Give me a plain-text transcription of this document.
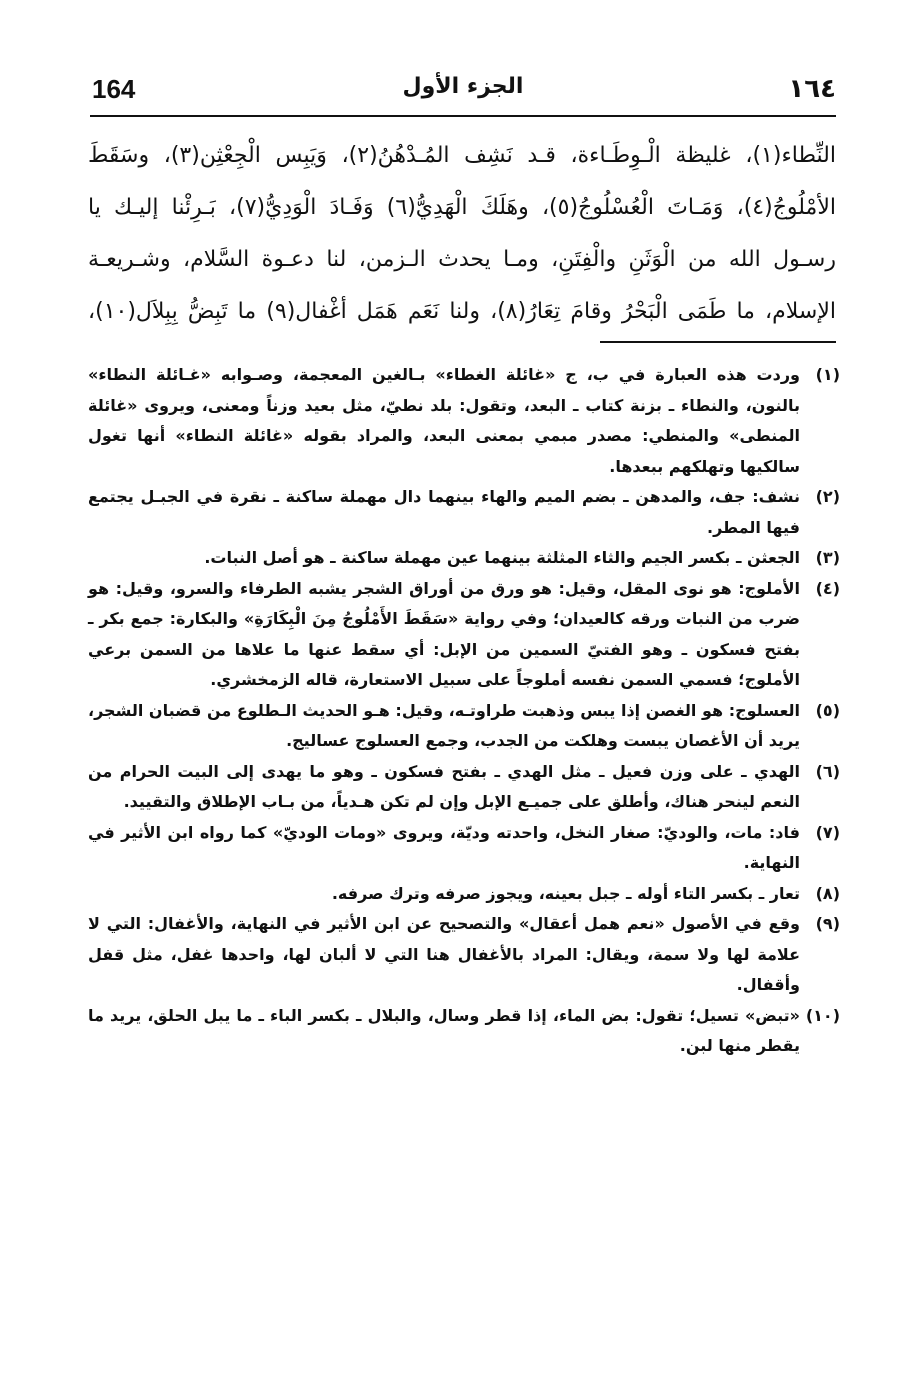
١٦٤
الجزء الأول
164
النِّطاء(١)، غليظة الْـوِطَـاءة، قـد نَشِف المُـدْهُنُ(٢)، وَيَبِس الْجِعْثِن(٣)، وسَقَطَ
الأمْلُوجُ(٤)، وَمَـاتَ الْعُسْلُوجُ(٥)، وهَلَكَ الْهَدِيُّ(٦) وَفَـادَ الْوَدِيُّ(٧)، بَـرِئْنا إليـك يا
رسـول الله من الْوَثَنِ والْفِتَنِ، ومـا يحدث الـزمن، لنا دعـوة السَّلام، وشـريعـة
الإسلام، ما طَمَى الْبَحْرُ وقامَ تِعَارُ(٨)، ولنا نَعَم هَمَل أغْفال(٩) ما تَبِضُّ بِبِلاَل(١٠)،
(١)
وردت هذه العبارة في ب، ج «غائلة الغطاء» بـالغين المعجمة، وصـوابه «غـائلة النطاء» بالنون، والنطاء ـ بزنة كتاب ـ البعد، وتقول: بلد نطيّ، مثل بعيد وزناً ومعنى، ويروى «غائلة المنطى» والمنطي: مصدر مبمي بمعنى البعد، والمراد بقوله «غائلة النطاء» أنها تغول سالكيها وتهلكهم ببعدها.
(٢)
نشف: جف، والمدهن ـ بضم الميم والهاء بينهما دال مهملة ساكنة ـ نقرة في الجبـل يجتمع فيها المطر.
(٣)
الجعثن ـ بكسر الجيم والثاء المثلثة بينهما عين مهملة ساكنة ـ هو أصل النبات.
(٤)
الأملوج: هو نوى المقل، وقيل: هو ورق من أوراق الشجر يشبه الطرفاء والسرو، وقيل: هو ضرب من النبات ورقه كالعيدان؛ وفي رواية «سَقَطَ الأَمْلُوجُ مِنَ الْبِكَارَةِ» والبكارة: جمع بكر ـ بفتح فسكون ـ وهو الفتيّ السمين من الإبل: أي سقط عنها ما علاها من السمن برعي الأملوج؛ فسمي السمن نفسه أملوجاً على سبيل الاستعارة، قاله الزمخشري.
(٥)
العسلوج: هو الغصن إذا يبس وذهبت طراوتـه، وقيل: هـو الحديث الـطلوع من قضبان الشجر، يريد أن الأغصان يبست وهلكت من الجدب، وجمع العسلوج عساليج.
(٦)
الهدي ـ على وزن فعيل ـ مثل الهدي ـ بفتح فسكون ـ وهو ما يهدى إلى البيت الحرام من النعم لينحر هناك، وأطلق على جميـع الإبل وإن لم تكن هـدياً، من بـاب الإطلاق والتقييد.
(٧)
فاد: مات، والوديّ: صغار النخل، واحدته وديّة، ويروى «ومات الوديّ» كما رواه ابن الأثير في النهاية.
(٨)
تعار ـ بكسر التاء أوله ـ جبل بعينه، ويجوز صرفه وترك صرفه.
(٩)
وقع في الأصول «نعم همل أعقال» والتصحيح عن ابن الأثير في النهاية، والأغفال: التي لا علامة لها ولا سمة، ويقال: المراد بالأغفال هنا التي لا ألبان لها، واحدها غفل، مثل قفل وأقفال.
(١٠)
«تبض» تسيل؛ تقول: بض الماء، إذا قطر وسال، والبلال ـ بكسر الباء ـ ما يبل الحلق، يريد ما يقطر منها لبن.
